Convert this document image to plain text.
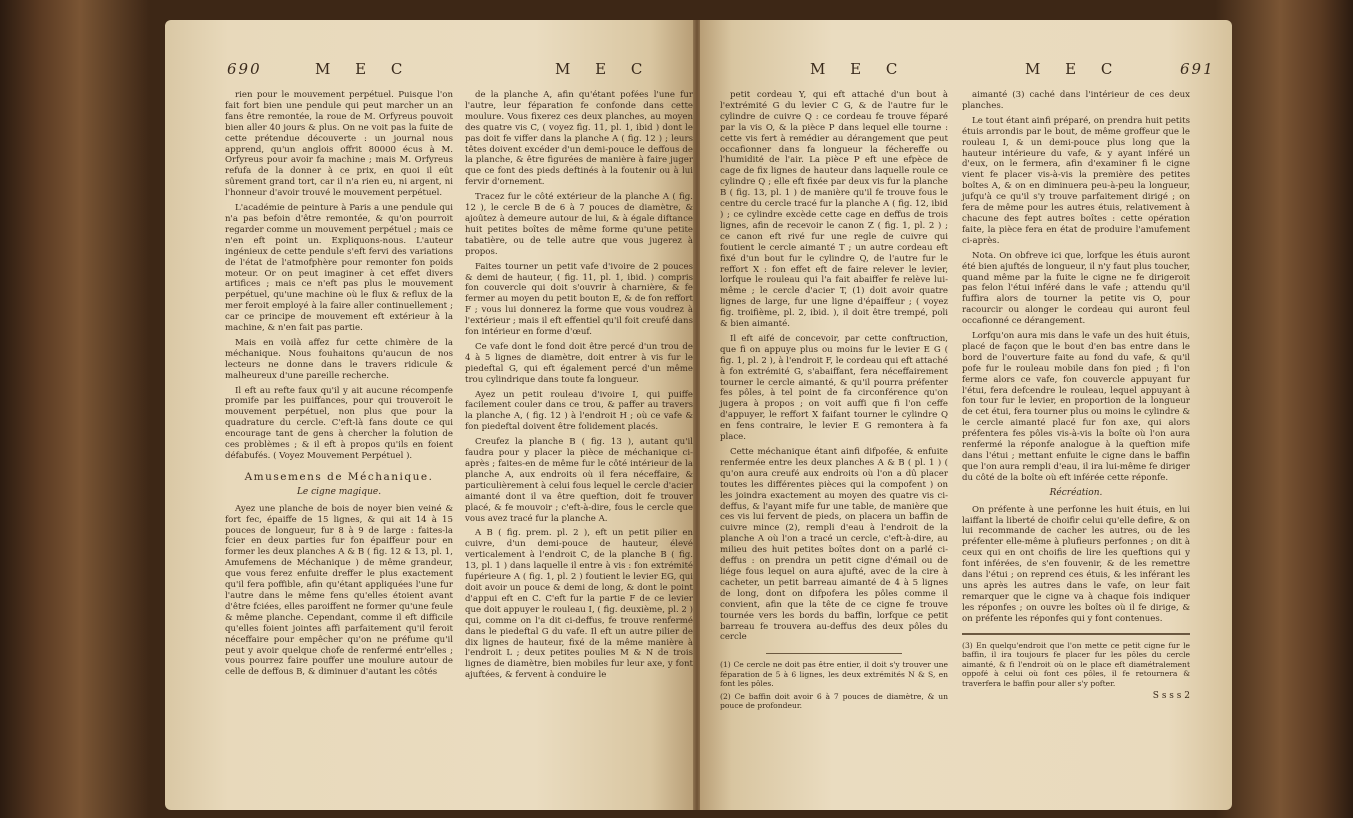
690	M E C	M E C

rien pour le mouvement perpétuel. Puisque l'on fait fort bien une pendule qui peut marcher un an fans être remontée, la roue de M. Orfyreus pouvoit bien aller 40 jours & plus. On ne voit pas la fuite de cette prétendue découverte : un journal nous apprend, qu'un anglois offrit 80000 écus à M. Orfyreus pour avoir fa machine ; mais M. Orfyreus refufa de la donner à ce prix, en quoi il eût sûrement grand tort, car il n'a rien eu, ni argent, ni l'honneur d'avoir trouvé le mouvement perpétuel.

L'académie de peinture à Paris a une pendule qui n'a pas befoin d'être remontée, & qu'on pourroit regarder comme un mouvement perpétuel ; mais ce n'en eft point un. Expliquons-nous. L'auteur ingénieux de cette pendule s'eft fervi des variations de l'état de l'atmofphère pour remonter fon poids moteur. Or on peut imaginer à cet effet divers artifices ; mais ce n'eft pas plus le mouvement perpétuel, qu'une machine où le flux & reflux de la mer feroit employé à la faire aller continuellement ; car ce principe de mouvement eft extérieur à la machine, & n'en fait pas partie.

Mais en voilà affez fur cette chimère de la méchanique. Nous fouhaitons qu'aucun de nos lecteurs ne donne dans le travers ridicule & malheureux d'une pareille recherche.

Il eft au refte faux qu'il y ait aucune récompenfe promife par les puiffances, pour qui trouveroit le mouvement perpétuel, non plus que pour la quadrature du cercle. C'eft-là fans doute ce qui encourage tant de gens à chercher la folution de ces problèmes ; & il eft à propos qu'ils en foient défabufés. ( Voyez Mouvement Perpétuel ).

Amusemens de Méchanique.
Le cigne magique.

Ayez une planche de bois de noyer bien veiné & fort fec, épaiffe de 15 lignes, & qui ait 14 à 15 pouces de longueur, fur 8 à 9 de large : faites-la fcier en deux parties fur fon épaiffeur pour en former les deux planches A & B ( fig. 12 & 13, pl. 1, Amufemens de Méchanique ) de même grandeur, que vous ferez enfuite dreffer le plus exactement qu'il fera poffible, afin qu'étant appliquées l'une fur l'autre dans le même fens qu'elles étoient avant d'être fciées, elles paroiffent ne former qu'une feule & même planche. Cependant, comme il eft difficile qu'elles foient jointes affi parfaitement qu'il feroit néceffaire pour empêcher qu'on ne préfume qu'il peut y avoir quelque chofe de renfermé entr'elles ; vous pourrez faire pouffer une moulure autour de celle de deffous B, & diminuer d'autant les côtés

de la planche A, afin qu'étant pofées l'une fur l'autre, leur féparation fe confonde dans cette moulure. Vous fixerez ces deux planches, au moyen des quatre vis C, ( voyez fig. 11, pl. 1, ibid ) dont le pas doit fe viffer dans la planche A ( fig. 12 ) ; leurs têtes doivent excéder d'un demi-pouce le deffous de la planche, & être figurées de manière à faire juger que ce font des pieds deftinés à la foutenir ou à lui fervir d'ornement.

Tracez fur le côté extérieur de la planche A ( fig. 12 ), le cercle B de 6 à 7 pouces de diamètre, & ajoûtez à demeure autour de lui, & à égale diftance huit petites boîtes de même forme qu'une petite tabatière, ou de telle autre que vous jugerez à propos.

Faites tourner un petit vafe d'ivoire de 2 pouces & demi de hauteur, ( fig. 11, pl. 1, ibid. ) compris fon couvercle qui doit s'ouvrir à charnière, & fe fermer au moyen du petit bouton E, & de fon reffort F ; vous lui donnerez la forme que vous voudrez à l'extérieur ; mais il eft effentiel qu'il foit creufé dans fon intérieur en forme d'œuf.

Ce vafe dont le fond doit être percé d'un trou de 4 à 5 lignes de diamètre, doit entrer à vis fur le piedeftal G, qui eft également percé d'un même trou cylindrique dans toute fa longueur.

Ayez un petit rouleau d'ivoire I, qui puiffe facilement couler dans ce trou, & paffer au travers la planche A, ( fig. 12 ) à l'endroit H ; où ce vafe & fon piedeftal doivent être folidement placés.

Creufez la planche B ( fig. 13 ), autant qu'il faudra pour y placer la pièce de méchanique ci-après ; faites-en de même fur le côté intérieur de la planche A, aux endroits où il fera néceffaire, & particulièrement à celui fous lequel le cercle d'acier aimanté dont il va être queftion, doit fe trouver placé, & fe mouvoir ; c'eft-à-dire, fous le cercle que vous avez tracé fur la planche A.

A B ( fig. prem. pl. 2 ), eft un petit pilier en cuivre, d'un demi-pouce de hauteur, élevé verticalement à l'endroit C, de la planche B ( fig. 13, pl. 1 ) dans laquelle il entre à vis : fon extrémité fupérieure A ( fig. 1, pl. 2 ) foutient le levier EG, qui doit avoir un pouce & demi de long, & dont le point d'appui eft en C. C'eft fur la partie F de ce levier que doit appuyer le rouleau I, ( fig. deuxième, pl. 2 ) qui, comme on l'a dit ci-deffus, fe trouve renfermé dans le piedeftal G du vafe. Il eft un autre pilier de dix lignes de hauteur, fixé de la même manière à l'endroit L ; deux petites poulies M & N de trois lignes de diamètre, bien mobiles fur leur axe, y font ajuftées, & fervent à conduire le

M E C	M E C	691

petit cordeau Y, qui eft attaché d'un bout à l'extrémité G du levier C G, & de l'autre fur le cylindre de cuivre Q : ce cordeau fe trouve féparé par la vis O, & la pièce P dans lequel elle tourne : cette vis fert à remédier au dérangement que peut occafionner dans fa longueur la féchereffe ou l'humidité de l'air. La pièce P eft une efpèce de cage de fix lignes de hauteur dans laquelle roule ce cylindre Q ; elle eft fixée par deux vis fur la planche B ( fig. 13, pl. 1 ) de manière qu'il fe trouve fous le centre du cercle tracé fur la planche A ( fig. 12, ibid ) ; ce cylindre excède cette cage en deffus de trois lignes, afin de recevoir le canon Z ( fig. 1, pl. 2 ) ; ce canon eft rivé fur une regle de cuivre qui foutient le cercle aimanté T ; un autre cordeau eft fixé d'un bout fur le cylindre Q, de l'autre fur le reffort X : fon effet eft de faire relever le levier, lorfque le rouleau qui l'a fait abaiffer fe relève lui-même ; le cercle d'acier T, (1) doit avoir quatre lignes de large, fur une ligne d'épaiffeur ; ( voyez fig. troifième, pl. 2, ibid. ), il doit être trempé, poli & bien aimanté.

Il eft aifé de concevoir, par cette conftruction, que fi on appuye plus ou moins fur le levier E G ( fig. 1, pl. 2 ), à l'endroit F, le cordeau qui eft attaché à fon extrémité G, s'abaiffant, fera néceffairement tourner le cercle aimanté, & qu'il pourra préfenter fes pôles, à tel point de fa circonférence qu'on jugera à propos ; on voit auffi que fi l'on ceffe d'appuyer, le reffort X faifant tourner le cylindre Q en fens contraire, le levier E G remontera à fa place.

Cette méchanique étant ainfi difpofée, & enfuite renfermée entre les deux planches A & B ( pl. 1 ) ( qu'on aura creufé aux endroits où l'on a dû placer toutes les différentes pièces qui la compofent ) on les joindra exactement au moyen des quatre vis ci-deffus, & l'ayant mife fur une table, de manière que ces vis lui fervent de pieds, on placera un baffin de cuivre mince (2), rempli d'eau à l'endroit de la planche A où l'on a tracé un cercle, c'eft-à-dire, au milieu des huit petites boîtes dont on a parlé ci-deffus : on prendra un petit cigne d'émail ou de liége fous lequel on aura ajufté, avec de la cire à cacheter, un petit barreau aimanté de 4 à 5 lignes de long, dont on difpofera les pôles comme il convient, afin que la tête de ce cigne fe trouve tournée vers les bords du baffin, lorfque ce petit barreau fe trouvera au-deffus des deux pôles du cercle

(1) Ce cercle ne doit pas être entier, il doit s'y trouver une féparation de 5 à 6 lignes, les deux extrémités N & S, en font les pôles.

(2) Ce baffin doit avoir 6 à 7 pouces de diamètre, & un pouce de profondeur.

aimanté (3) caché dans l'intérieur de ces deux planches.

Le tout étant ainfi préparé, on prendra huit petits étuis arrondis par le bout, de même groffeur que le rouleau I, & un demi-pouce plus long que la hauteur intérieure du vafe, & y ayant inféré un d'eux, on le fermera, afin d'examiner fi le cigne vient fe placer vis-à-vis la première des petites boîtes A, & on en diminuera peu-à-peu la longueur, jufqu'à ce qu'il s'y trouve parfaitement dirigé ; on fera de même pour les autres étuis, relativement à chacune des fept autres boîtes : cette opération faite, la pièce fera en état de produire l'amufement ci-après.

Nota. On obfreve ici que, lorfque les étuis auront été bien ajuftés de longueur, il n'y faut plus toucher, quand même par la fuite le cigne ne fe dirigeroit pas felon l'étui inféré dans le vafe ; attendu qu'il fuffira alors de tourner la petite vis O, pour racourcir ou alonger le cordeau qui auront feul occafionné ce dérangement.

Lorfqu'on aura mis dans le vafe un des huit étuis, placé de façon que le bout d'en bas entre dans le bord de l'ouverture faite au fond du vafe, & qu'il pofe fur le rouleau mobile dans fon pied ; fi l'on ferme alors ce vafe, fon couvercle appuyant fur l'étui, fera defcendre le rouleau, lequel appuyant à fon tour fur le levier, en proportion de la longueur de cet étui, fera tourner plus ou moins le cylindre & le cercle aimanté placé fur fon axe, qui alors préfentera fes pôles vis-à-vis la boîte où l'on aura renfermé la réponfe analogue à la queftion mife dans l'étui ; mettant enfuite le cigne dans le baffin que l'on aura rempli d'eau, il ira lui-même fe diriger du côté de la boîte où eft inférée cette réponfe.

Récréation.

On préfente à une perfonne les huit étuis, en lui laiffant la liberté de choifir celui qu'elle defire, & on lui recommande de cacher les autres, ou de les préfenter elle-même à plufieurs perfonnes ; on dit à ceux qui en ont choifis de lire les queftions qui y font inférées, de s'en fouvenir, & de les remettre dans l'étui ; on reprend ces étuis, & les inférant les uns après les autres dans le vafe, on leur fait remarquer que le cigne va à chaque fois indiquer les réponfes ; on ouvre les boîtes où il fe dirige, & on préfente les réponfes qui y font contenues.

(3) En quelqu'endroit que l'on mette ce petit cigne fur le baffin, il ira toujours fe placer fur les pôles du cercle aimanté, & fi l'endroit où on le place eft diamétralement oppofé à celui où font ces pôles, il fe retournera & traverfera le baffin pour aller s'y pofter.

S s s s 2
